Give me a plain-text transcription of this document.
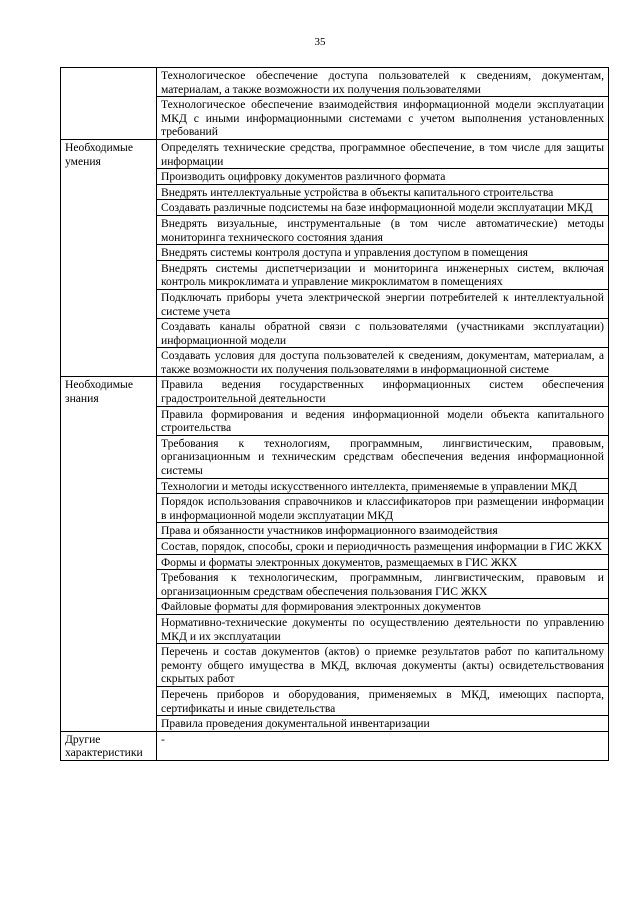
35
	Технологическое обеспечение доступа пользователей к сведениям, документам, материалам, а также возможности их получения пользователями
	Технологическое обеспечение взаимодействия информационной модели эксплуатации МКД с иными информационными системами с учетом выполнения установленных требований
Необходимые умения	Определять технические средства, программное обеспечение, в том числе для защиты информации
	Производить оцифровку документов различного формата
	Внедрять интеллектуальные устройства в объекты капитального строительства
	Создавать различные подсистемы на базе информационной модели эксплуатации МКД
	Внедрять визуальные, инструментальные (в том числе автоматические) методы мониторинга технического состояния здания
	Внедрять системы контроля доступа и управления доступом в помещения
	Внедрять системы диспетчеризации и мониторинга инженерных систем, включая контроль микроклимата и управление микроклиматом в помещениях
	Подключать приборы учета электрической энергии потребителей к интеллектуальной системе учета
	Создавать каналы обратной связи с пользователями (участниками эксплуатации) информационной модели
	Создавать условия для доступа пользователей к сведениям, документам, материалам, а также возможности их получения пользователями в информационной системе
Необходимые знания	Правила ведения государственных информационных систем обеспечения градостроительной деятельности
	Правила формирования и ведения информационной модели объекта капитального строительства
	Требования к технологиям, программным, лингвистическим, правовым, организационным и техническим средствам обеспечения ведения информационной системы
	Технологии и методы искусственного интеллекта, применяемые в управлении МКД
	Порядок использования справочников и классификаторов при размещении информации в информационной модели эксплуатации МКД
	Права и обязанности участников информационного взаимодействия
	Состав, порядок, способы, сроки и периодичность размещения информации в ГИС ЖКХ
	Формы и форматы электронных документов, размещаемых в ГИС ЖКХ
	Требования к технологическим, программным, лингвистическим, правовым и организационным средствам обеспечения пользования ГИС ЖКХ
	Файловые форматы для формирования электронных документов
	Нормативно-технические документы по осуществлению деятельности по управлению МКД и их эксплуатации
	Перечень и состав документов (актов) о приемке результатов работ по капитальному ремонту общего имущества в МКД, включая документы (акты) освидетельствования скрытых работ
	Перечень приборов и оборудования, применяемых в МКД, имеющих паспорта, сертификаты и иные свидетельства
	Правила проведения документальной инвентаризации
Другие характеристики	-
